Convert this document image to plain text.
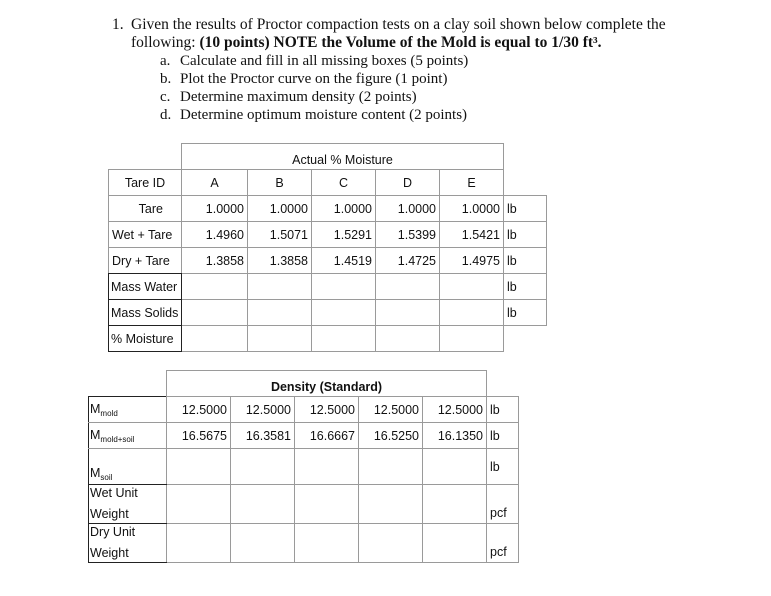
1. Given the results of Proctor compaction tests on a clay soil shown below complete the
following: (10 points) NOTE the Volume of the Mold is equal to 1/30 ft³.
a. Calculate and fill in all missing boxes (5 points)
b. Plot the Proctor curve on the figure (1 point)
c. Determine maximum density (2 points)
d. Determine optimum moisture content (2 points)
	Actual % Moisture					
Tare ID	A	B	C	D	E	
Tare	1.0000	1.0000	1.0000	1.0000	1.0000	lb
Wet + Tare	1.4960	1.5071	1.5291	1.5399	1.5421	lb
Dry + Tare	1.3858	1.3858	1.4519	1.4725	1.4975	lb
Mass Water						lb
Mass Solids						lb
% Moisture						
	Density (Standard)					
$M_{mold}$	12.5000	12.5000	12.5000	12.5000	12.5000	lb
$M_{mold+soil}$	16.5675	16.3581	16.6667	16.5250	16.1350	lb
$M_{soil}$						lb
Wet Unit
Weight						pcf
Dry Unit
Weight						pcf
